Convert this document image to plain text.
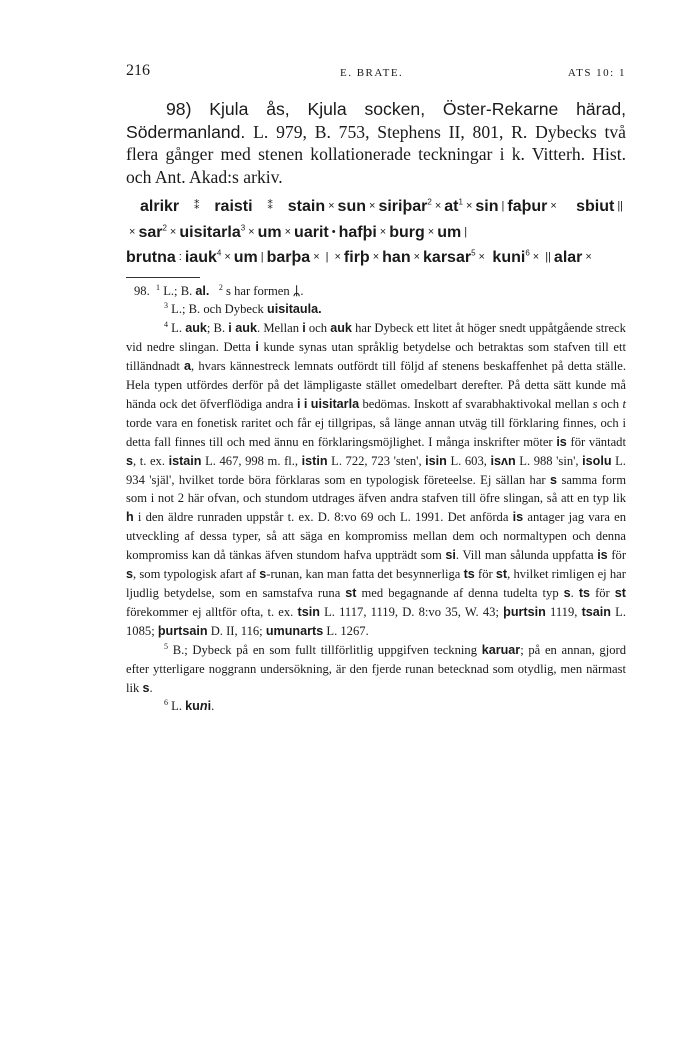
216	E. BRATE.	ATS 10: 1
98) Kjula ås, Kjula socken, Öster-Rekarne härad, Södermanland. L. 979, B. 753, Stephens II, 801, R. Dybecks två flera gånger med stenen kollationerade teckningar i k. Vitterh. Hist. och Ant. Akad:s arkiv.
alrikr ⁑ raisti ⁑ stain × sun × siriþar$^2$ × $at^1 \times \sin$ | faþur × sbiut ||× sar$^2$ × uisitarla$^3$ × um × uarit • hafþi × burg × um | brutna : iauk$^4$ × um | barþa × | × firþ × han × karsar$^5$ × kuni$^6$ × || alar ×

98. $^1$ L.; B. al. $^2$ s har formen ᛦ.

$^3$ L.; B. och Dybeck uisitaula.

$^4$ L. auk; B. i auk. Mellan i och auk har Dybeck ett litet åt höger snedt uppåtgående streck vid nedre slingan. Detta i kunde synas utan språklig betydelse och betraktas som stafven till ett tilländnadt a, hvars kännestreck lemnats outfördt till följd af stenens beskaffenhet på detta ställe. Hela typen utfördes derför på det lämpligaste stället omedelbart derefter. På detta sätt kunde må hända ock det öfverflödiga andra i i uisitarla bedömas. Inskott af svarabhaktivokal mellan s och t torde vara en fonetisk raritet och får ej tillgripas, så länge annan utväg till förklaring finnes, och i detta fall finnes till och med ännu en förklaringsmöjlighet. I många inskrifter möter is för väntadt s, t. ex. istain L. 467, 998 m. fl., istin L. 722, 723 'sten', isin L. 603, isʌn L. 988 'sin', isolu L. 934 'själ', hvilket torde böra förklaras som en typologisk företeelse. Ej sällan har s samma form som i not 2 här ofvan, och stundom utdrages äfven andra stafven till öfre slingan, så att en typ lik h i den äldre runraden uppstår t. ex. D. 8:vo 69 och L. 1991. Det anförda is antager jag vara en utveckling af dessa typer, så att säga en kompromiss mellan dem och normaltypen och denna kompromiss kan då tänkas äfven stundom hafva uppträdt som si. Vill man sålunda uppfatta is för s, som typologisk afart af s-runan, kan man fatta det besynnerliga ts för st, hvilket rimligen ej har ljudlig betydelse, som en samstafva runa st med begagnande af denna tudelta typ s. ts för st förekommer ej alltför ofta, t. ex. tsin L. 1117, 1119, D. 8:vo 35, W. 43; þurtsin 1119, tsain L. 1085; þurtsain D. II, 116; umunarts L. 1267.

$^5$ B.; Dybeck på en som fullt tillförlitlig uppgifven teckning karuar; på en annan, gjord efter ytterligare noggrann undersökning, är den fjerde runan betecknad som otydlig, men närmast lik s.

$^6$ L. kuni.
